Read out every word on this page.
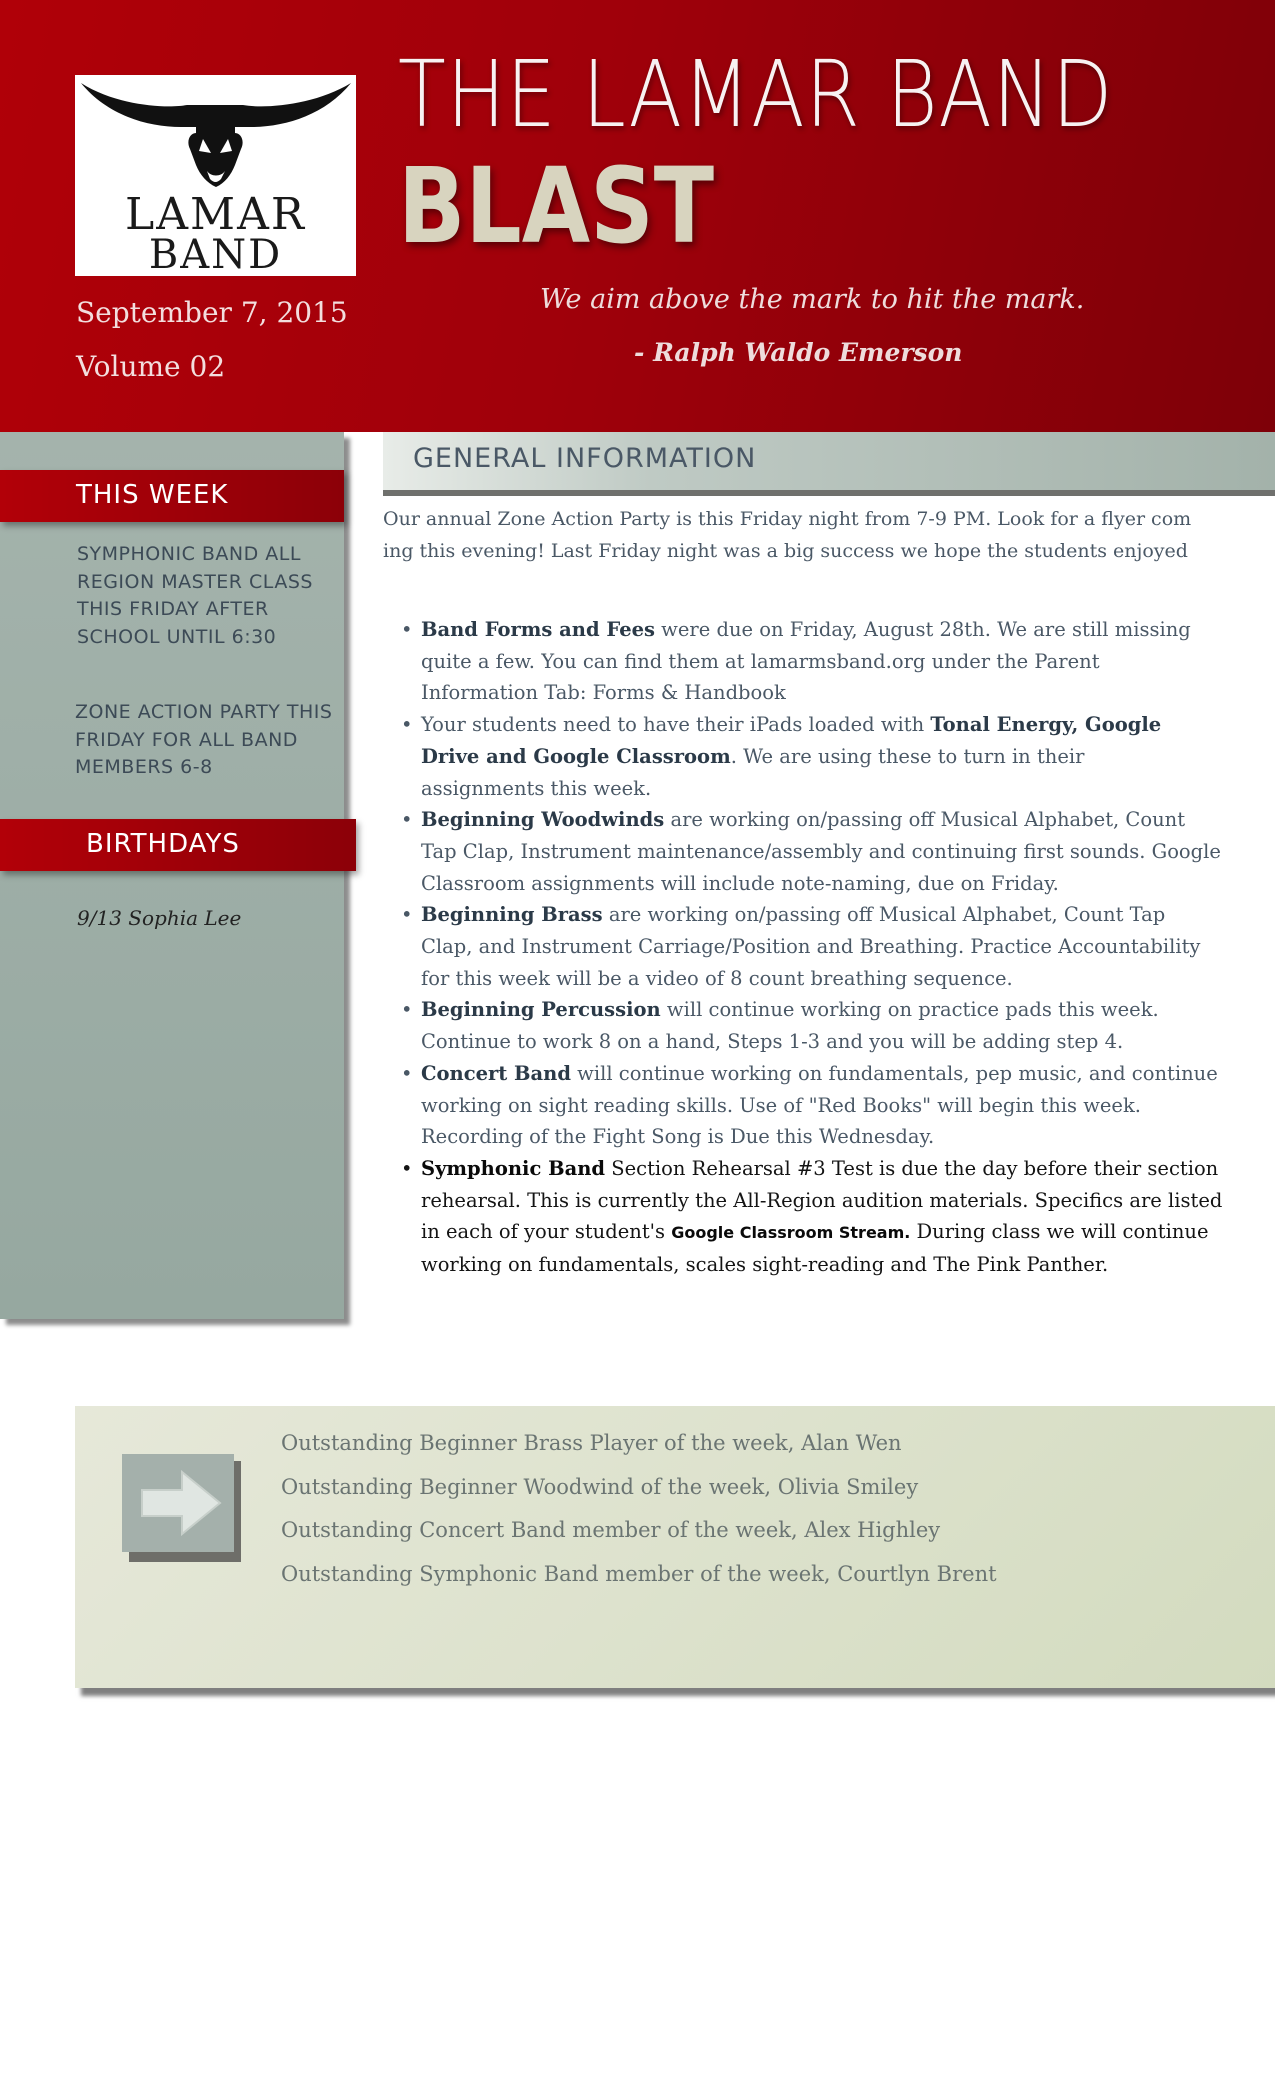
LAMAR
BAND
THE LAMAR BAND
BLAST
September 7, 2015
Volume 02
We aim above the mark to hit the mark.
- Ralph Waldo Emerson
THIS WEEK
SYMPHONIC BAND ALL REGION MASTER CLASS THIS FRIDAY AFTER SCHOOL UNTIL 6:30
ZONE ACTION PARTY THIS FRIDAY FOR ALL BAND MEMBERS 6-8
BIRTHDAYS
9/13 Sophia Lee
GENERAL INFORMATION
Our annual Zone Action Party is this Friday night from 7-9 PM. Look for a flyer com
ing this evening! Last Friday night was a big success we hope the students enjoyed
• Band Forms and Fees were due on Friday, August 28th. We are still missing
quite a few. You can find them at lamarmsband.org under the Parent
Information Tab: Forms & Handbook
• Your students need to have their iPads loaded with Tonal Energy, Google
Drive and Google Classroom. We are using these to turn in their
assignments this week.
• Beginning Woodwinds are working on/passing off Musical Alphabet, Count
Tap Clap, Instrument maintenance/assembly and continuing first sounds. Google
Classroom assignments will include note-naming, due on Friday.
• Beginning Brass are working on/passing off Musical Alphabet, Count Tap
Clap, and Instrument Carriage/Position and Breathing. Practice Accountability
for this week will be a video of 8 count breathing sequence.
• Beginning Percussion will continue working on practice pads this week.
Continue to work 8 on a hand, Steps 1-3 and you will be adding step 4.
• Concert Band will continue working on fundamentals, pep music, and continue
working on sight reading skills. Use of "Red Books" will begin this week.
Recording of the Fight Song is Due this Wednesday.
• Symphonic Band Section Rehearsal #3 Test is due the day before their section
rehearsal. This is currently the All-Region audition materials. Specifics are listed
in each of your student's Google Classroom Stream. During class we will continue
working on fundamentals, scales sight-reading and The Pink Panther.
Outstanding Beginner Brass Player of the week, Alan Wen
Outstanding Beginner Woodwind of the week, Olivia Smiley
Outstanding Concert Band member of the week, Alex Highley
Outstanding Symphonic Band member of the week, Courtlyn Brent
